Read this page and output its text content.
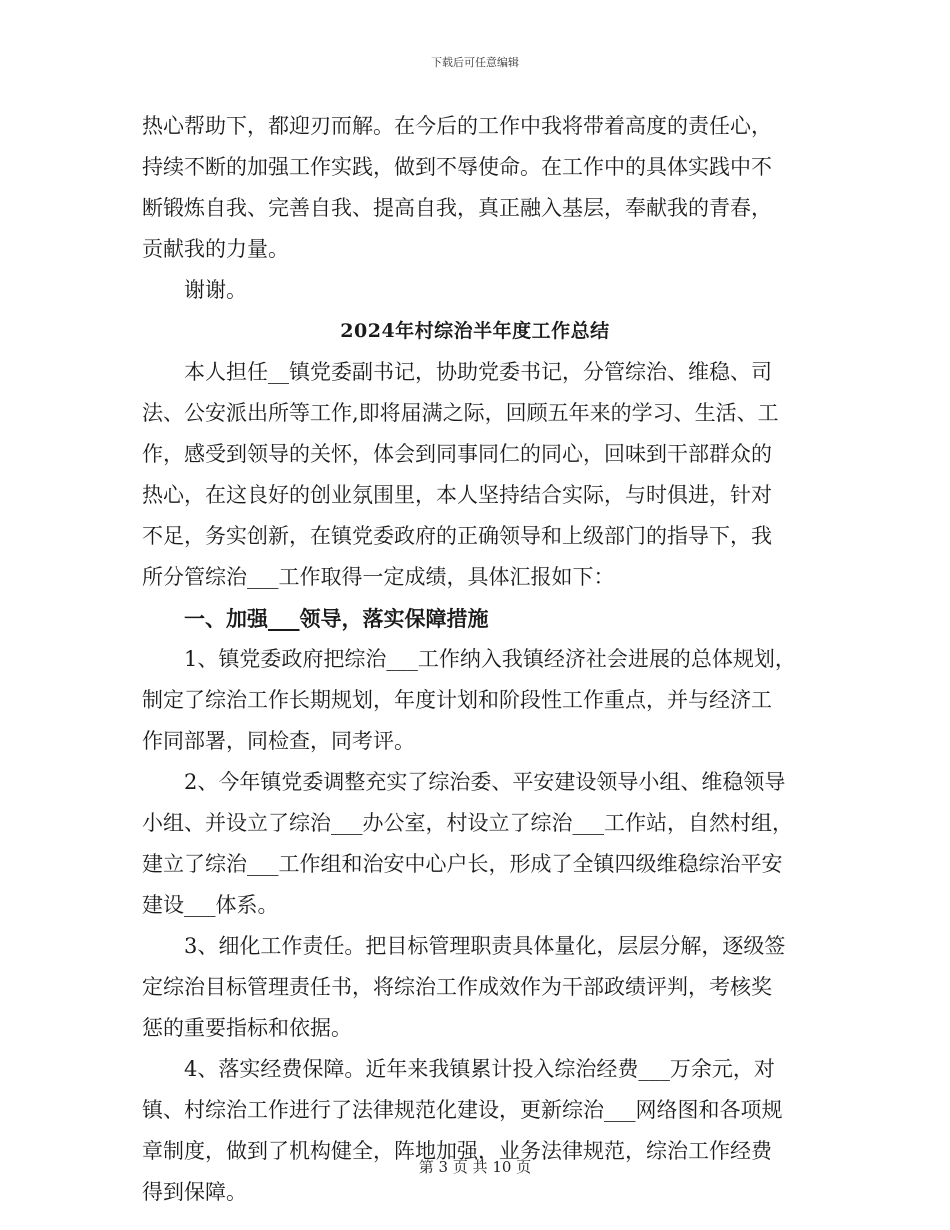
下载后可任意编辑
热心帮助下，都迎刃而解。在今后的工作中我将带着高度的责任心，
持续不断的加强工作实践，做到不辱使命。在工作中的具体实践中不
断锻炼自我、完善自我、提高自我，真正融入基层，奉献我的青春，
贡献我的力量。
谢谢。
2024年村综治半年度工作总结
本人担任__镇党委副书记，协助党委书记，分管综治、维稳、司
法、公安派出所等工作,即将届满之际，回顾五年来的学习、生活、工
作，感受到领导的关怀，体会到同事同仁的同心，回味到干部群众的
热心，在这良好的创业氛围里，本人坚持结合实际，与时俱进，针对
不足，务实创新，在镇党委政府的正确领导和上级部门的指导下，我
所分管综治___工作取得一定成绩，具体汇报如下：
一、加强___领导，落实保障措施
1、镇党委政府把综治___工作纳入我镇经济社会进展的总体规划，
制定了综治工作长期规划，年度计划和阶段性工作重点，并与经济工
作同部署，同检查，同考评。
2、今年镇党委调整充实了综治委、平安建设领导小组、维稳领导
小组、并设立了综治___办公室，村设立了综治___工作站，自然村组，
建立了综治___工作组和治安中心户长，形成了全镇四级维稳综治平安
建设___体系。
3、细化工作责任。把目标管理职责具体量化，层层分解，逐级签
定综治目标管理责任书，将综治工作成效作为干部政绩评判，考核奖
惩的重要指标和依据。
4、落实经费保障。近年来我镇累计投入综治经费___万余元，对
镇、村综治工作进行了法律规范化建设，更新综治___网络图和各项规
章制度，做到了机构健全，阵地加强，业务法律规范，综治工作经费
得到保障。
第 3 页 共 10 页
